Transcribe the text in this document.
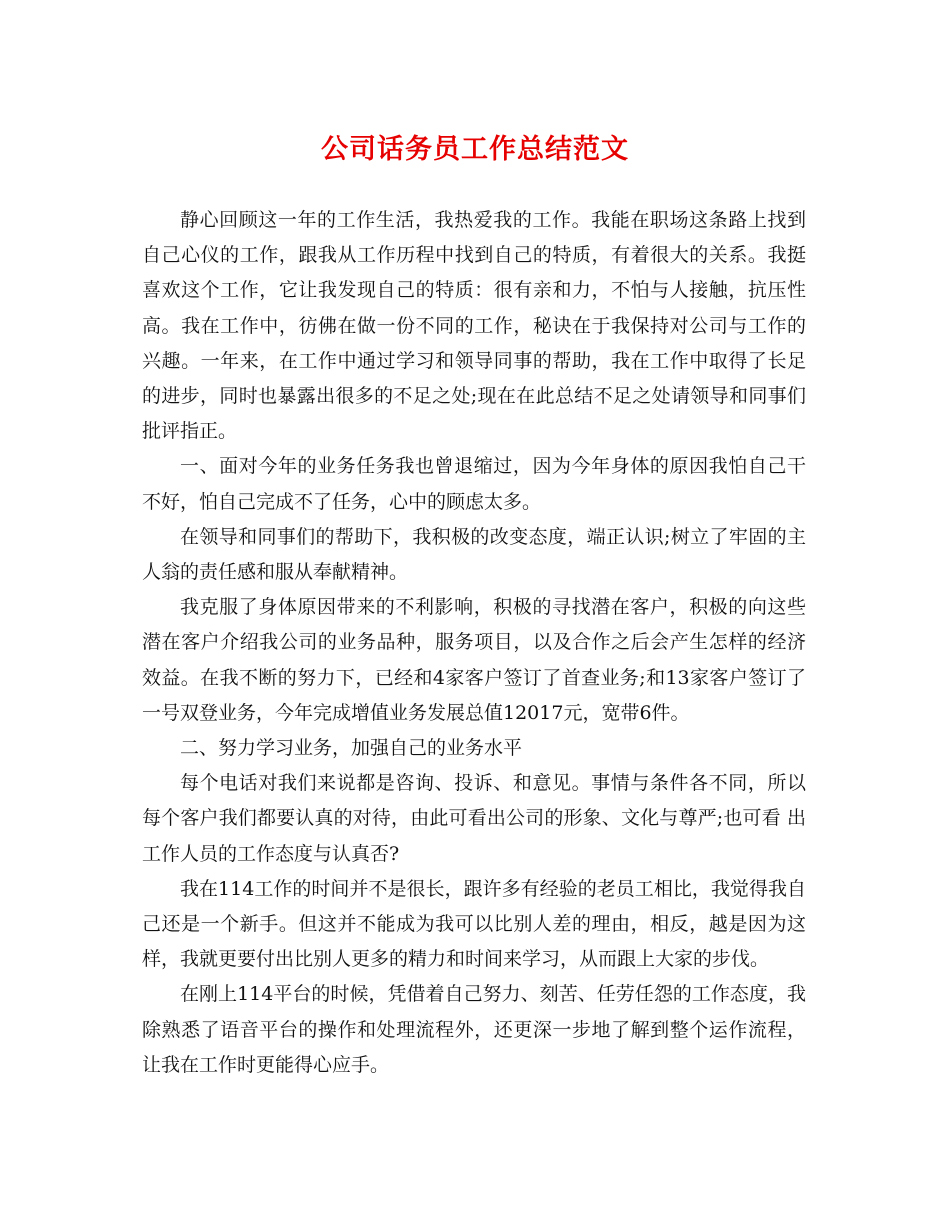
公司话务员工作总结范文

静心回顾这一年的工作生活，我热爱我的工作。我能在职场这条路上找到自己心仪的工作，跟我从工作历程中找到自己的特质，有着很大的关系。我挺喜欢这个工作，它让我发现自己的特质：很有亲和力，不怕与人接触，抗压性高。我在工作中，彷佛在做一份不同的工作，秘诀在于我保持对公司与工作的兴趣。一年来，在工作中通过学习和领导同事的帮助，我在工作中取得了长足的进步，同时也暴露出很多的不足之处;现在在此总结不足之处请领导和同事们批评指正。

一、面对今年的业务任务我也曾退缩过，因为今年身体的原因我怕自己干不好，怕自己完成不了任务，心中的顾虑太多。

在领导和同事们的帮助下，我积极的改变态度，端正认识;树立了牢固的主人翁的责任感和服从奉献精神。

我克服了身体原因带来的不利影响，积极的寻找潜在客户，积极的向这些潜在客户介绍我公司的业务品种，服务项目，以及合作之后会产生怎样的经济效益。在我不断的努力下，已经和4家客户签订了首查业务;和13家客户签订了一号双登业务，今年完成增值业务发展总值12017元，宽带6件。

二、努力学习业务，加强自己的业务水平

每个电话对我们来说都是咨询、投诉、和意见。事情与条件各不同，所以每个客户我们都要认真的对待，由此可看出公司的形象、文化与尊严;也可看 出工作人员的工作态度与认真否?

我在114工作的时间并不是很长，跟许多有经验的老员工相比，我觉得我自己还是一个新手。但这并不能成为我可以比别人差的理由，相反，越是因为这样，我就更要付出比别人更多的精力和时间来学习，从而跟上大家的步伐。

在刚上114平台的时候，凭借着自己努力、刻苦、任劳任怨的工作态度，我除熟悉了语音平台的操作和处理流程外，还更深一步地了解到整个运作流程，让我在工作时更能得心应手。
